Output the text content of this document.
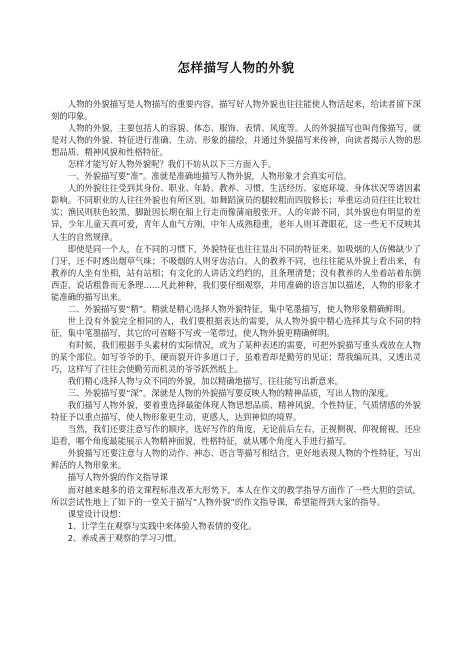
怎样描写人物的外貌

人物的外貌描写是人物描写的重要内容，描写好人物外貌也往往能使人物活起来，给读者留下深刻的印象。

人物的外貌，主要包括人的容貌、体态、服饰、表情、风度等。人的外貌描写也叫肖像描写，就是对人物的外貌、特征进行准确、生动、形象的描绘，并通过外貌描写来传神，向读者揭示人物的思想品质、精神风貌和性格特征。

怎样才能写好人物外貌呢？我们不妨从以下三方面入手。

一、外貌描写要“准”。准就是准确地描写人物外貌，人物形象才会真实可信。

人的外貌往往受到其身份、职业、年龄、教养、习惯、生活经历、家庭环境、身体状况等诸因素影响。不同职业的人往往外貌也有所区别。如舞蹈演员的腿较粗而四肢修长；举重运动员往往比较壮实；渔民则肤色较黑，脚趾因长期在船上行走而像蒲扇般张开。人的年龄不同，其外貌也有明显的差异，少年儿童天真可爱，青年人血气方刚，中年人成熟稳重，老年人则耳聋眼花，这一些无不反映其人生的自然规律。

即使是同一个人，在不同的习惯下，外貌特征也往往显出不同的特征来。如吸烟的人仿佛缺少了门牙，还不时透出烟草气味；不吸烟的人则牙齿洁白。人的教养不同，也往往能从外貌上看出来，有教养的人坐有坐相，站有站相；有文化的人讲话文绉绉的，且条理清楚；没有教养的人坐着站着东倒西歪，说话粗鲁而无条理……凡此种种，我们要仔细观察，并用准确的语言加以描述，人物的形象才能准确的描写出来。

二、外貌描写要“精”。精就是精心选择人物外貌特征，集中笔墨描写，使人物形象精确鲜明。

世上没有外貌完全相同的人，我们要根据表达的需要，从人物外貌中精心选择其与众不同的特征，集中笔墨描写，其它的可省略不写或一笔带过，使人物外貌更精确鲜明。

有时候，我们根据手头素材的实际情况，或为了某种表述的需要，可把外貌描写重头戏放在人物的某个部位。如写爷爷的手，硬而裂开许多道口子，虽难看却是勤劳的见证；帮我编玩具，又透出灵巧，这样写了往往会使勤劳而机灵的爷爷跃然纸上。

我们精心选择人物与众不同的外貌，加以精确地描写，往往能写出新意来。

三、外貌描写要“深”。深就是人物的外貌描写要反映人物的精神品质，写出人物的深度。

我们描写人物外貌，要着重选择最能体现人物思想品质、精神风貌，个性特征，气质情感的外貌特征予以重点描写，使人物形象更生动，更感人，达到神似的境界。

当然，我们还要注意写作的顺序，选好写作的角度，无论前后左右，正视侧视，仰视俯视，还应追看，哪个角度最能展示人物精神面貌，性格特征，就从哪个角度入手进行描写。

外貌描写还要注意与人物的动作、神态、语言等描写相结合，更好地表现人物的个性特征，写出鲜活的人物形象来。

描写人物外貌的作文指导课

面对越来越多的语文课程标准改革大形势下，本人在作文的教学指导方面作了一些大胆的尝试，所以尝试性地上了如下的一堂关于描写“人物外貌”的作文指导课，希望能得到大家的指导。

课堂设计设想：

1、让学生在观察与实践中来体验人物表情的变化。

2、养成善于观察的学习习惯。
